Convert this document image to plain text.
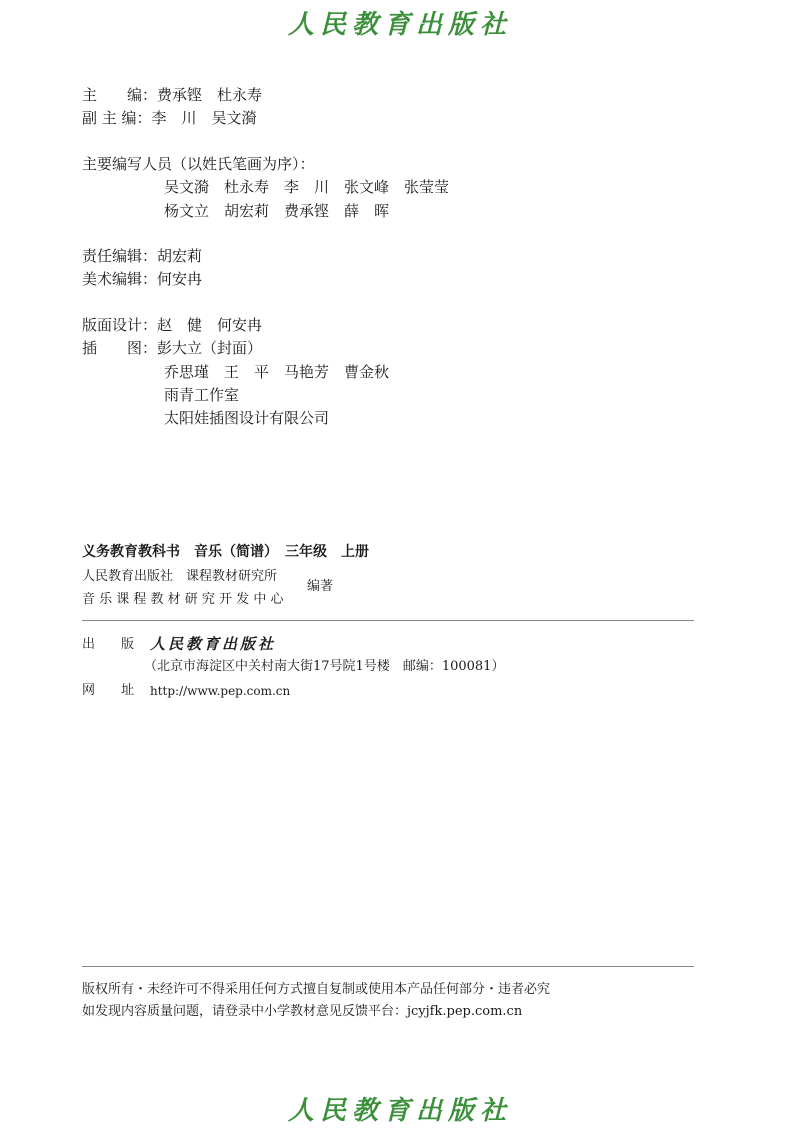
人民教育出版社
主　　编：费承铿　杜永寿
副 主 编：李　川　吴文漪
主要编写人员（以姓氏笔画为序）：
吴文漪　杜永寿　李　川　张文峰　张莹莹
杨文立　胡宏莉　费承铿　薛　晖
责任编辑：胡宏莉
美术编辑：何安冉
版面设计：赵　健　何安冉
插　　图：彭大立（封面）
乔思瑾　王　平　马艳芳　曹金秋
雨青工作室
太阳娃插图设计有限公司
义务教育教科书　音乐（简谱）　三年级　上册
人民教育出版社　课程教材研究所
音 乐 课 程 教 材 研 究 开 发 中 心
编著
出　　版 人民教育出版社
（北京市海淀区中关村南大街17号院1号楼　邮编：100081）
网　　址 http://www.pep.com.cn
版权所有・未经许可不得采用任何方式擅自复制或使用本产品任何部分・违者必究
如发现内容质量问题，请登录中小学教材意见反馈平台：jcyjfk.pep.com.cn
人民教育出版社
